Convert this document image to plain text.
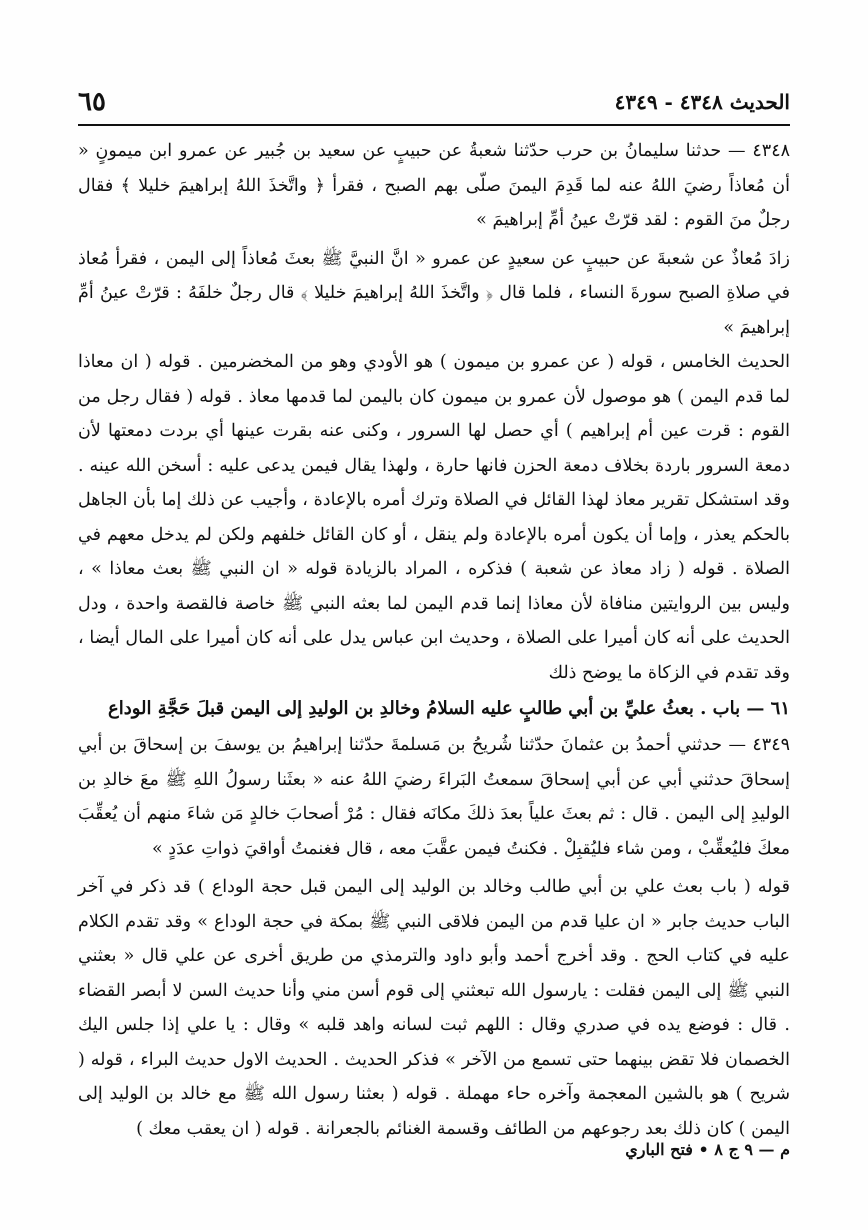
الحديث ٤٣٤٨ - ٤٣٤٩
٦٥

٤٣٤٨ — حدثنا سليمانُ بن حرب حدّثنا شعبةُ عن حبيبٍ عن سعيد بن جُبير عن عمرو ابن ميمونٍ « أن مُعاذاً رضيَ اللهُ عنه لما قَدِمَ اليمنَ صلّى بهم الصبح ، فقرأ ﴿ واتَّخذَ اللهُ إبراهيمَ خليلا ﴾ فقال رجلٌ منَ القوم : لقد قرّتْ عينُ أمِّ إبراهيمَ »

زادَ مُعاذٌ عن شعبةَ عن حبيبٍ عن سعيدٍ عن عمرو « انَّ النبيَّ ﷺ بعثَ مُعاذاً إلى اليمن ، فقرأ مُعاذ في صلاةِ الصبح سورةَ النساء ، فلما قال ﴿ واتَّخذَ اللهُ إبراهيمَ خليلا ﴾ قال رجلٌ خلفَهُ : قرّتْ عينُ أمِّ إبراهيمَ »

الحديث الخامس ، قوله ( عن عمرو بن ميمون ) هو الأودي وهو من المخضرمين . قوله ( ان معاذا لما قدم اليمن ) هو موصول لأن عمرو بن ميمون كان باليمن لما قدمها معاذ . قوله ( فقال رجل من القوم : قرت عين أم إبراهيم ) أي حصل لها السرور ، وكنى عنه بقرت عينها أي بردت دمعتها لأن دمعة السرور باردة بخلاف دمعة الحزن فانها حارة ، ولهذا يقال فيمن يدعى عليه : أسخن الله عينه . وقد استشكل تقرير معاذ لهذا القائل في الصلاة وترك أمره بالإعادة ، وأجيب عن ذلك إما بأن الجاهل بالحكم يعذر ، وإما أن يكون أمره بالإعادة ولم ينقل ، أو كان القائل خلفهم ولكن لم يدخل معهم في الصلاة . قوله ( زاد معاذ عن شعبة ) فذكره ، المراد بالزيادة قوله « ان النبي ﷺ بعث معاذا » ، وليس بين الروايتين منافاة لأن معاذا إنما قدم اليمن لما بعثه النبي ﷺ خاصة فالقصة واحدة ، ودل الحديث على أنه كان أميرا على الصلاة ، وحديث ابن عباس يدل على أنه كان أميرا على المال أيضا ، وقد تقدم في الزكاة ما يوضح ذلك

٦١ — باب . بعثُ عليِّ بن أبي طالبٍ عليه السلامُ وخالدِ بن الوليدِ إلى اليمن قبلَ حَجَّةِ الوداع

٤٣٤٩ — حدثني أحمدُ بن عثمانَ حدّثنا شُريحُ بن مَسلمةَ حدّثنا إبراهيمُ بن يوسفَ بن إسحاقَ بن أبي إسحاقَ حدثني أبي عن أبي إسحاقَ سمعتُ البَراءَ رضيَ اللهُ عنه « بعثَنا رسولُ اللهِ ﷺ معَ خالدِ بن الوليدِ إلى اليمن . قال : ثم بعثَ علياً بعدَ ذلكَ مكانَه فقال : مُرْ أصحابَ خالدٍ مَن شاءَ منهم أن يُعقِّبَ معكَ فليُعقِّبْ ، ومن شاء فليُقبِلْ . فكنتُ فيمن عقَّبَ معه ، قال فغنمتُ أواقيَ ذواتِ عدَدٍ »

قوله ( باب بعث علي بن أبي طالب وخالد بن الوليد إلى اليمن قبل حجة الوداع ) قد ذكر في آخر الباب حديث جابر « ان عليا قدم من اليمن فلاقى النبي ﷺ بمكة في حجة الوداع » وقد تقدم الكلام عليه في كتاب الحج . وقد أخرج أحمد وأبو داود والترمذي من طريق أخرى عن علي قال « بعثني النبي ﷺ إلى اليمن فقلت : يارسول الله تبعثني إلى قوم أسن مني وأنا حديث السن لا أبصر القضاء . قال : فوضع يده في صدري وقال : اللهم ثبت لسانه واهد قلبه » وقال : يا علي إذا جلس اليك الخصمان فلا تقض بينهما حتى تسمع من الآخر » فذكر الحديث . الحديث الاول حديث البراء ، قوله ( شريح ) هو بالشين المعجمة وآخره حاء مهملة . قوله ( بعثنا رسول الله ﷺ مع خالد بن الوليد إلى اليمن ) كان ذلك بعد رجوعهم من الطائف وقسمة الغنائم بالجعرانة . قوله ( ان يعقب معك )

م — ٩ ج ٨ • فتح الباري
